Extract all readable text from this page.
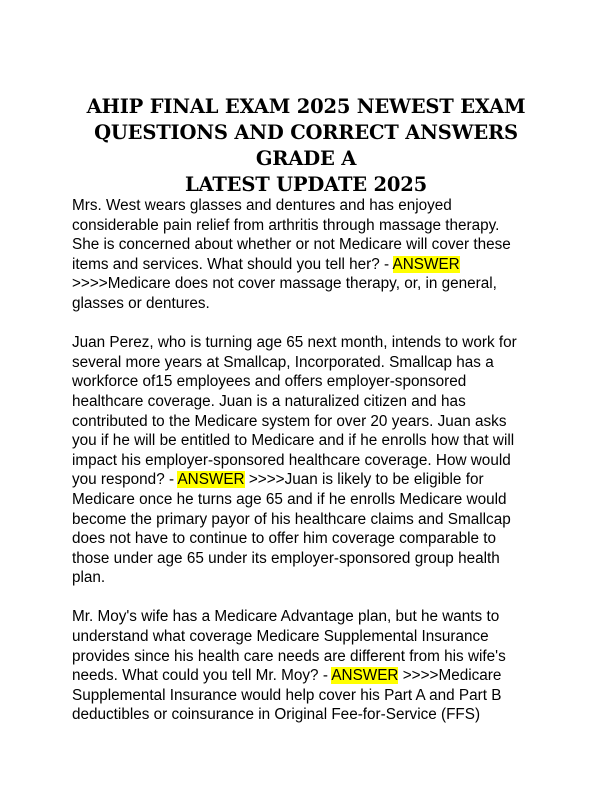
AHIP FINAL EXAM 2025 NEWEST EXAM
QUESTIONS AND CORRECT ANSWERS GRADE A
LATEST UPDATE 2025

Mrs. West wears glasses and dentures and has enjoyed
considerable pain relief from arthritis through massage therapy.
She is concerned about whether or not Medicare will cover these
items and services. What should you tell her? - ANSWER
>>>>Medicare does not cover massage therapy, or, in general,
glasses or dentures.

Juan Perez, who is turning age 65 next month, intends to work for
several more years at Smallcap, Incorporated. Smallcap has a
workforce of15 employees and offers employer-sponsored
healthcare coverage. Juan is a naturalized citizen and has
contributed to the Medicare system for over 20 years. Juan asks
you if he will be entitled to Medicare and if he enrolls how that will
impact his employer-sponsored healthcare coverage. How would
you respond? - ANSWER >>>>Juan is likely to be eligible for
Medicare once he turns age 65 and if he enrolls Medicare would
become the primary payor of his healthcare claims and Smallcap
does not have to continue to offer him coverage comparable to
those under age 65 under its employer-sponsored group health
plan.

Mr. Moy's wife has a Medicare Advantage plan, but he wants to
understand what coverage Medicare Supplemental Insurance
provides since his health care needs are different from his wife's
needs. What could you tell Mr. Moy? - ANSWER >>>>Medicare
Supplemental Insurance would help cover his Part A and Part B
deductibles or coinsurance in Original Fee-for-Service (FFS)
